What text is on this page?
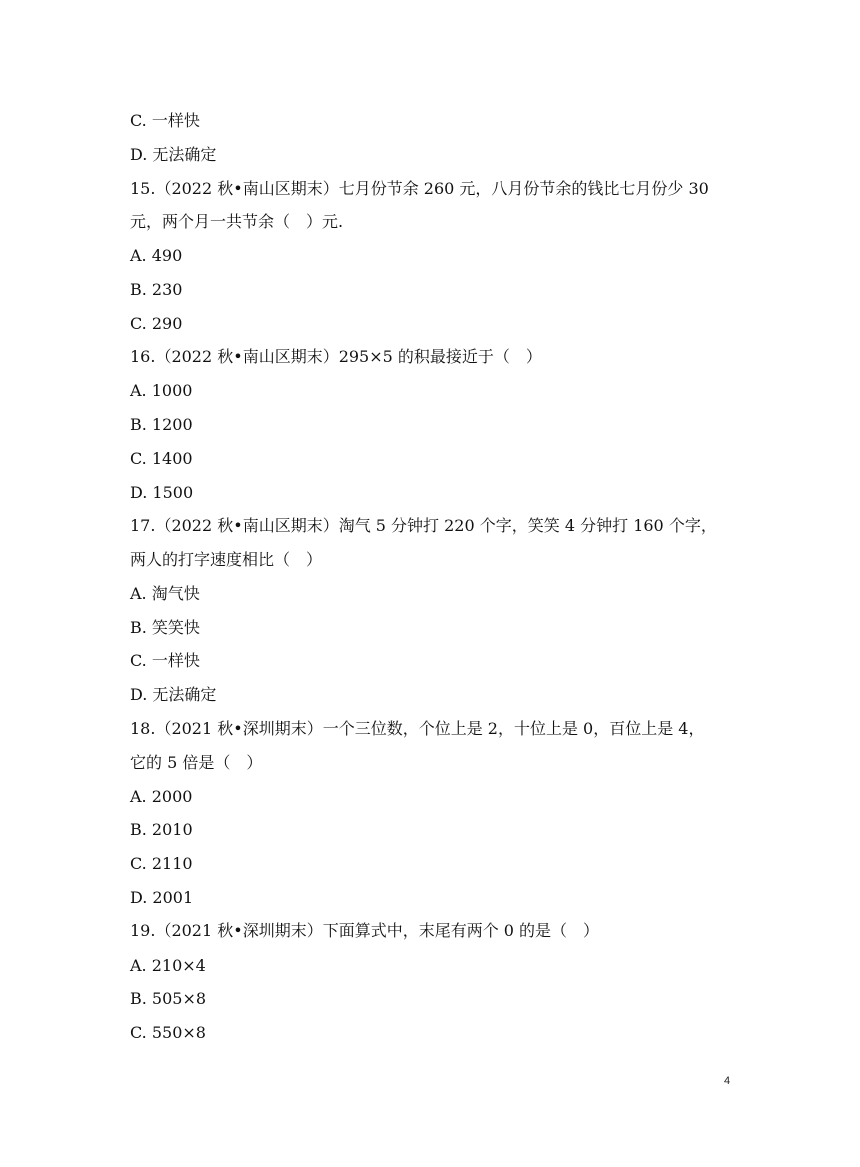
C. 一样快
D. 无法确定
15.（2022 秋•南山区期末）七月份节余 260 元，八月份节余的钱比七月份少 30
元，两个月一共节余（　）元.
A. 490
B. 230
C. 290
16.（2022 秋•南山区期末）295×5 的积最接近于（　）
A. 1000
B. 1200
C. 1400
D. 1500
17.（2022 秋•南山区期末）淘气 5 分钟打 220 个字，笑笑 4 分钟打 160 个字，
两人的打字速度相比（　）
A. 淘气快
B. 笑笑快
C. 一样快
D. 无法确定
18.（2021 秋•深圳期末）一个三位数，个位上是 2，十位上是 0，百位上是 4，
它的 5 倍是（　）
A. 2000
B. 2010
C. 2110
D. 2001
19.（2021 秋•深圳期末）下面算式中，末尾有两个 0 的是（　）
A. 210×4
B. 505×8
C. 550×8
4
